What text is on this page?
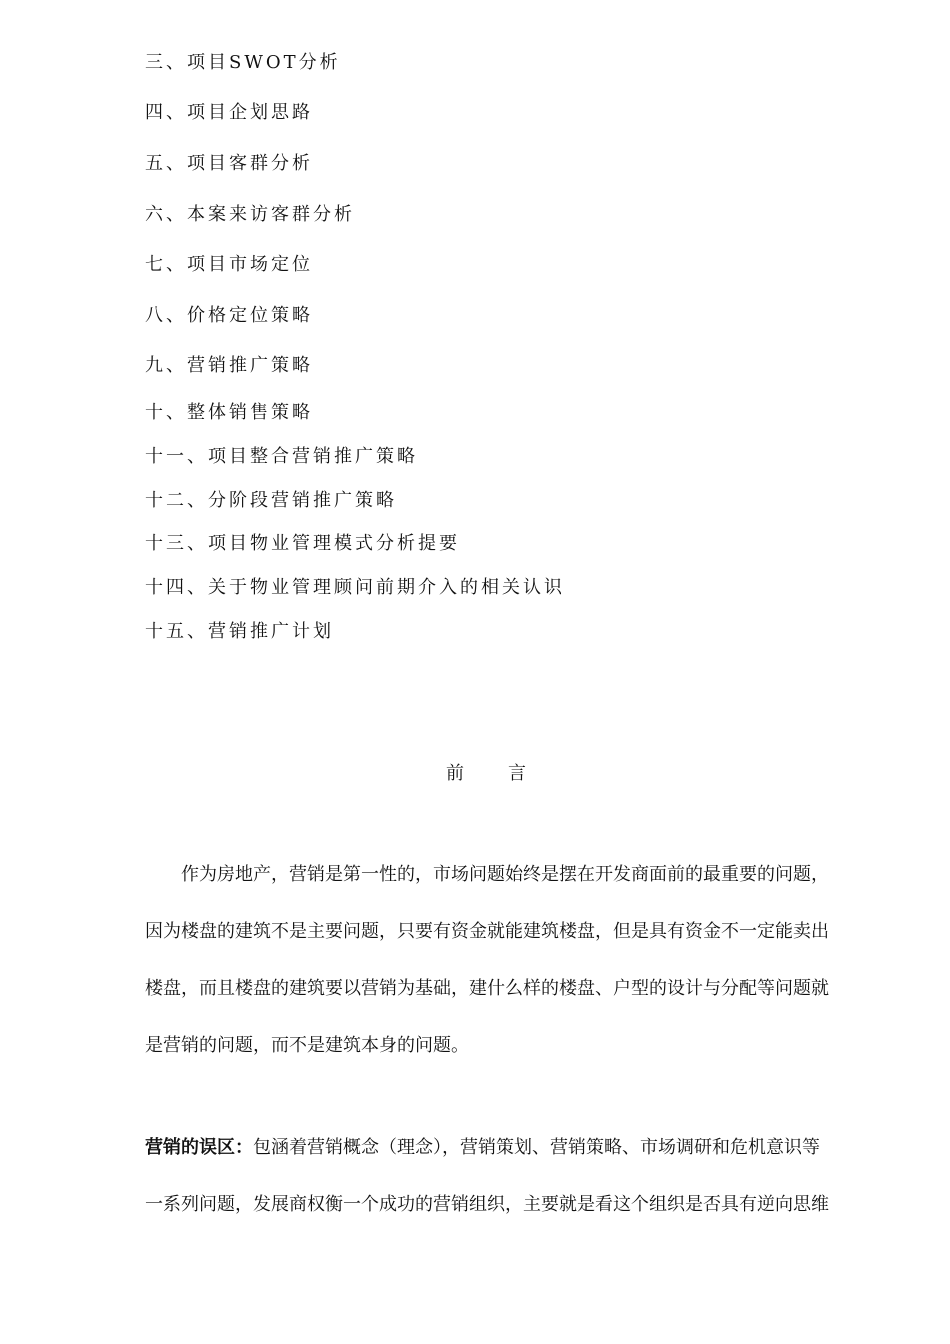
三、项目SWOT分析
四、项目企划思路
五、项目客群分析
六、本案来访客群分析
七、项目市场定位
八、价格定位策略
九、营销推广策略
十、整体销售策略
十一、项目整合营销推广策略
十二、分阶段营销推广策略
十三、项目物业管理模式分析提要
十四、关于物业管理顾问前期介入的相关认识
十五、营销推广计划
前言
　　作为房地产，营销是第一性的，市场问题始终是摆在开发商面前的最重要的问题，
因为楼盘的建筑不是主要问题，只要有资金就能建筑楼盘，但是具有资金不一定能卖出
楼盘，而且楼盘的建筑要以营销为基础，建什么样的楼盘、户型的设计与分配等问题就
是营销的问题，而不是建筑本身的问题。
营销的误区：包涵着营销概念（理念），营销策划、营销策略、市场调研和危机意识等
一系列问题，发展商权衡一个成功的营销组织，主要就是看这个组织是否具有逆向思维
